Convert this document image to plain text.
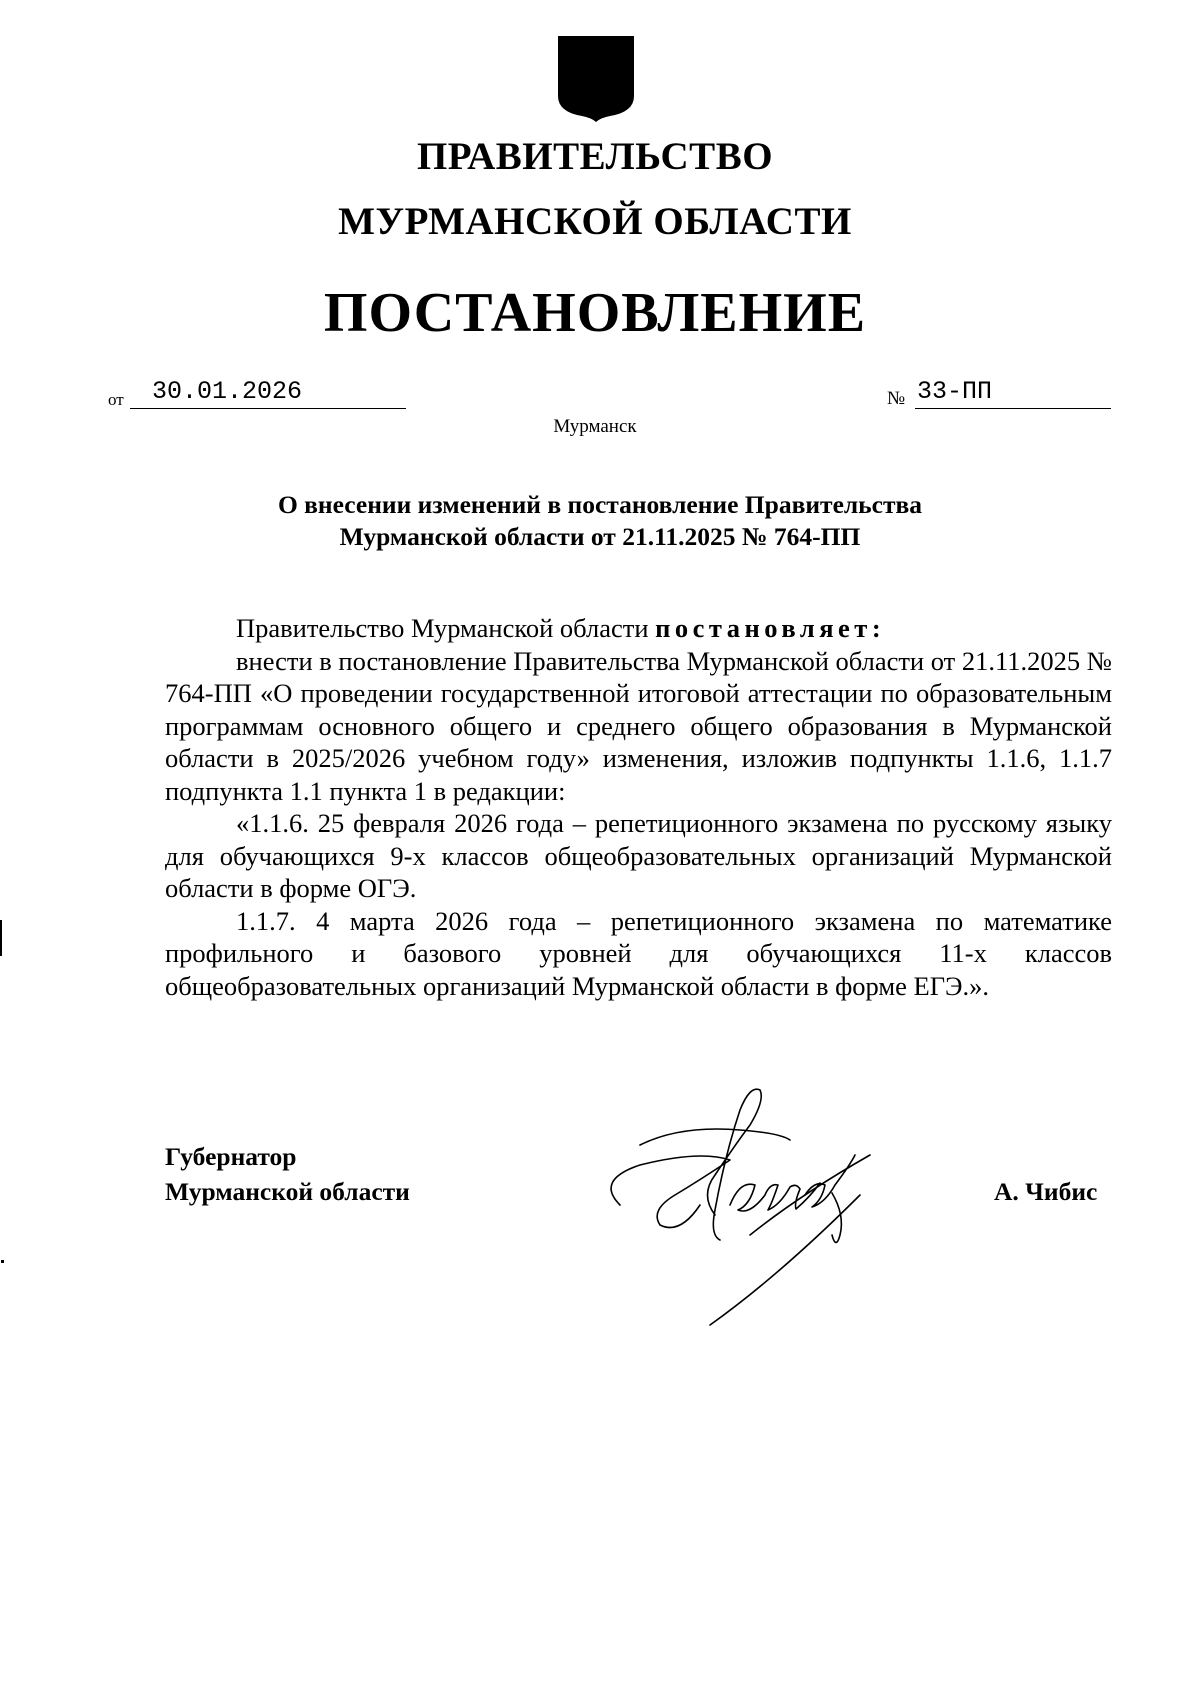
ПРАВИТЕЛЬСТВО
МУРМАНСКОЙ ОБЛАСТИ
ПОСТАНОВЛЕНИЕ
от	30.01.2026	№ 33-ПП
Мурманск
О внесении изменений в постановление Правительства
Мурманской области от 21.11.2025 № 764-ПП

Правительство Мурманской области постановляет:

внести в постановление Правительства Мурманской области от 21.11.2025 № 764-ПП «О проведении государственной итоговой аттестации по образовательным программам основного общего и среднего общего образования в Мурманской области в 2025/2026 учебном году» изменения, изложив подпункты 1.1.6, 1.1.7 подпункта 1.1 пункта 1 в редакции:

«1.1.6. 25 февраля 2026 года – репетиционного экзамена по русскому языку для обучающихся 9-х классов общеобразовательных организаций Мурманской области в форме ОГЭ.

1.1.7. 4 марта 2026 года – репетиционного экзамена по математике профильного и базового уровней для обучающихся 11-х классов общеобразовательных организаций Мурманской области в форме ЕГЭ.».

Губернатор
Мурманской области	А. Чибис
